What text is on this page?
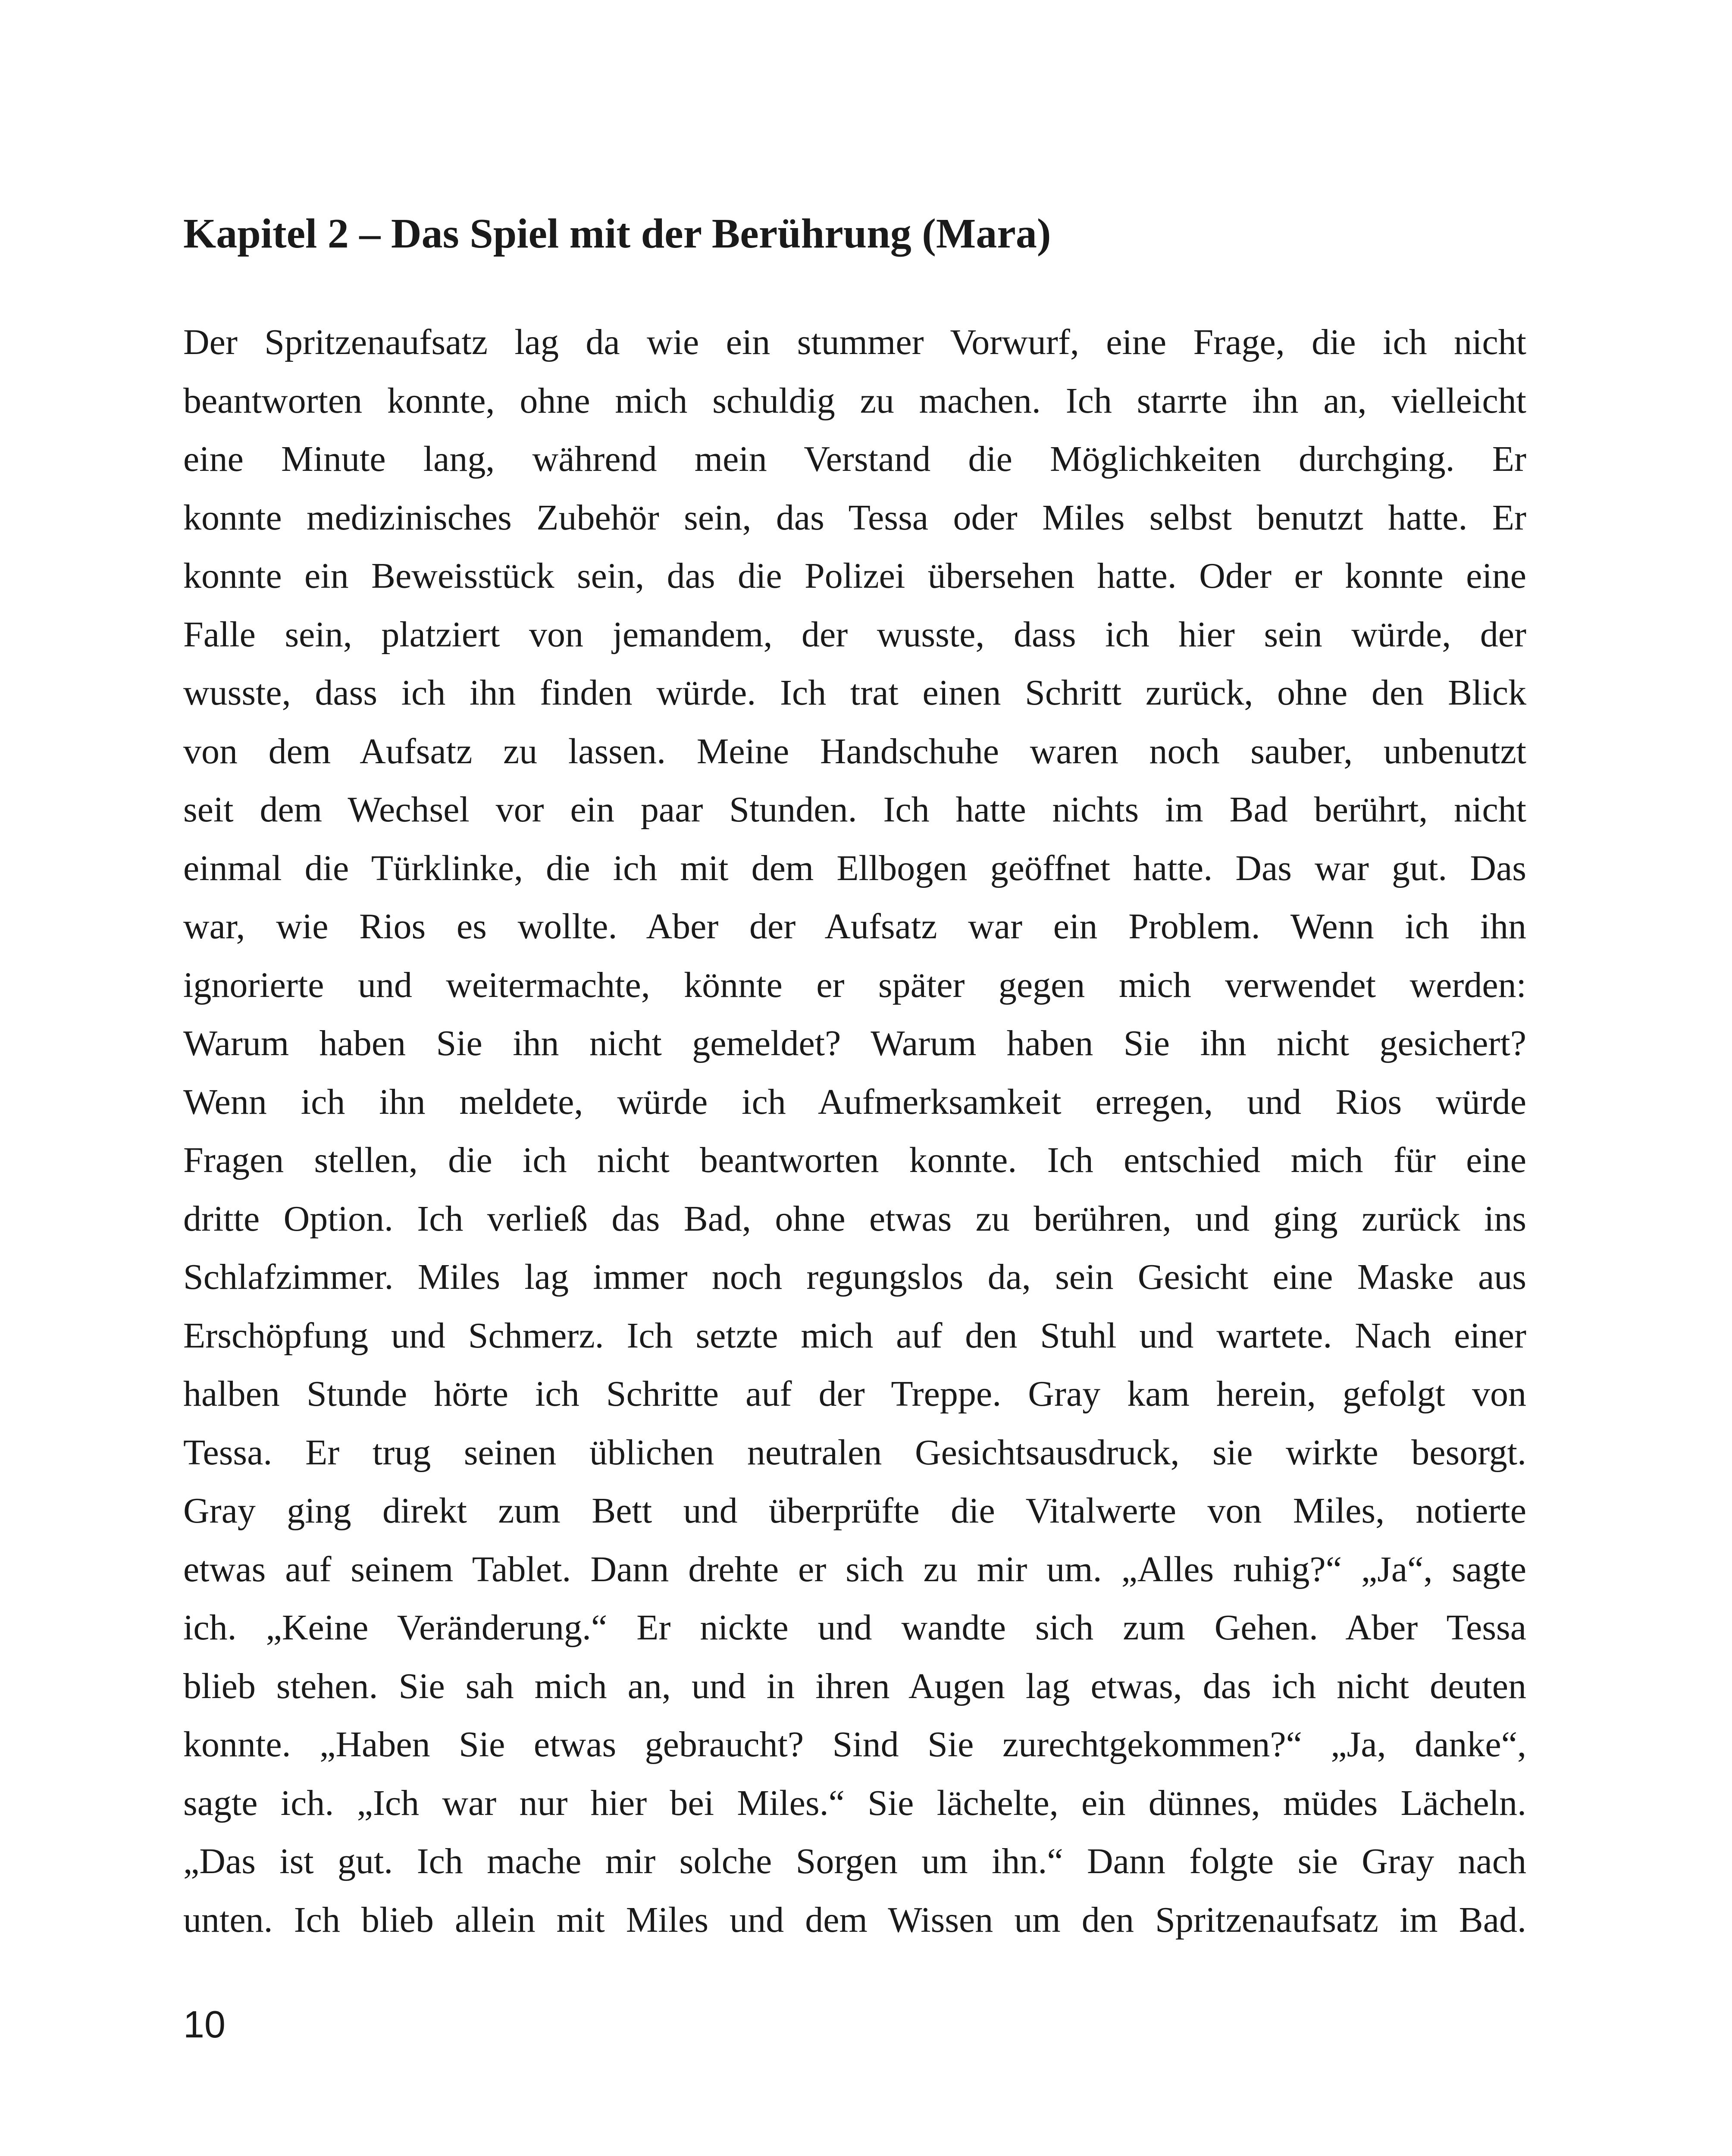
Kapitel 2 – Das Spiel mit der Berührung (Mara)
Der Spritzenaufsatz lag da wie ein stummer Vorwurf, eine Frage, die ich nicht
beantworten konnte, ohne mich schuldig zu machen. Ich starrte ihn an, vielleicht
eine Minute lang, während mein Verstand die Möglichkeiten durchging. Er
konnte medizinisches Zubehör sein, das Tessa oder Miles selbst benutzt hatte. Er
konnte ein Beweisstück sein, das die Polizei übersehen hatte. Oder er konnte eine
Falle sein, platziert von jemandem, der wusste, dass ich hier sein würde, der
wusste, dass ich ihn finden würde. Ich trat einen Schritt zurück, ohne den Blick
von dem Aufsatz zu lassen. Meine Handschuhe waren noch sauber, unbenutzt
seit dem Wechsel vor ein paar Stunden. Ich hatte nichts im Bad berührt, nicht
einmal die Türklinke, die ich mit dem Ellbogen geöffnet hatte. Das war gut. Das
war, wie Rios es wollte. Aber der Aufsatz war ein Problem. Wenn ich ihn
ignorierte und weitermachte, könnte er später gegen mich verwendet werden:
Warum haben Sie ihn nicht gemeldet? Warum haben Sie ihn nicht gesichert?
Wenn ich ihn meldete, würde ich Aufmerksamkeit erregen, und Rios würde
Fragen stellen, die ich nicht beantworten konnte. Ich entschied mich für eine
dritte Option. Ich verließ das Bad, ohne etwas zu berühren, und ging zurück ins
Schlafzimmer. Miles lag immer noch regungslos da, sein Gesicht eine Maske aus
Erschöpfung und Schmerz. Ich setzte mich auf den Stuhl und wartete. Nach einer
halben Stunde hörte ich Schritte auf der Treppe. Gray kam herein, gefolgt von
Tessa. Er trug seinen üblichen neutralen Gesichtsausdruck, sie wirkte besorgt.
Gray ging direkt zum Bett und überprüfte die Vitalwerte von Miles, notierte
etwas auf seinem Tablet. Dann drehte er sich zu mir um. „Alles ruhig?“ „Ja“, sagte
ich. „Keine Veränderung.“ Er nickte und wandte sich zum Gehen. Aber Tessa
blieb stehen. Sie sah mich an, und in ihren Augen lag etwas, das ich nicht deuten
konnte. „Haben Sie etwas gebraucht? Sind Sie zurechtgekommen?“ „Ja, danke“,
sagte ich. „Ich war nur hier bei Miles.“ Sie lächelte, ein dünnes, müdes Lächeln.
„Das ist gut. Ich mache mir solche Sorgen um ihn.“ Dann folgte sie Gray nach
unten. Ich blieb allein mit Miles und dem Wissen um den Spritzenaufsatz im Bad.
10
